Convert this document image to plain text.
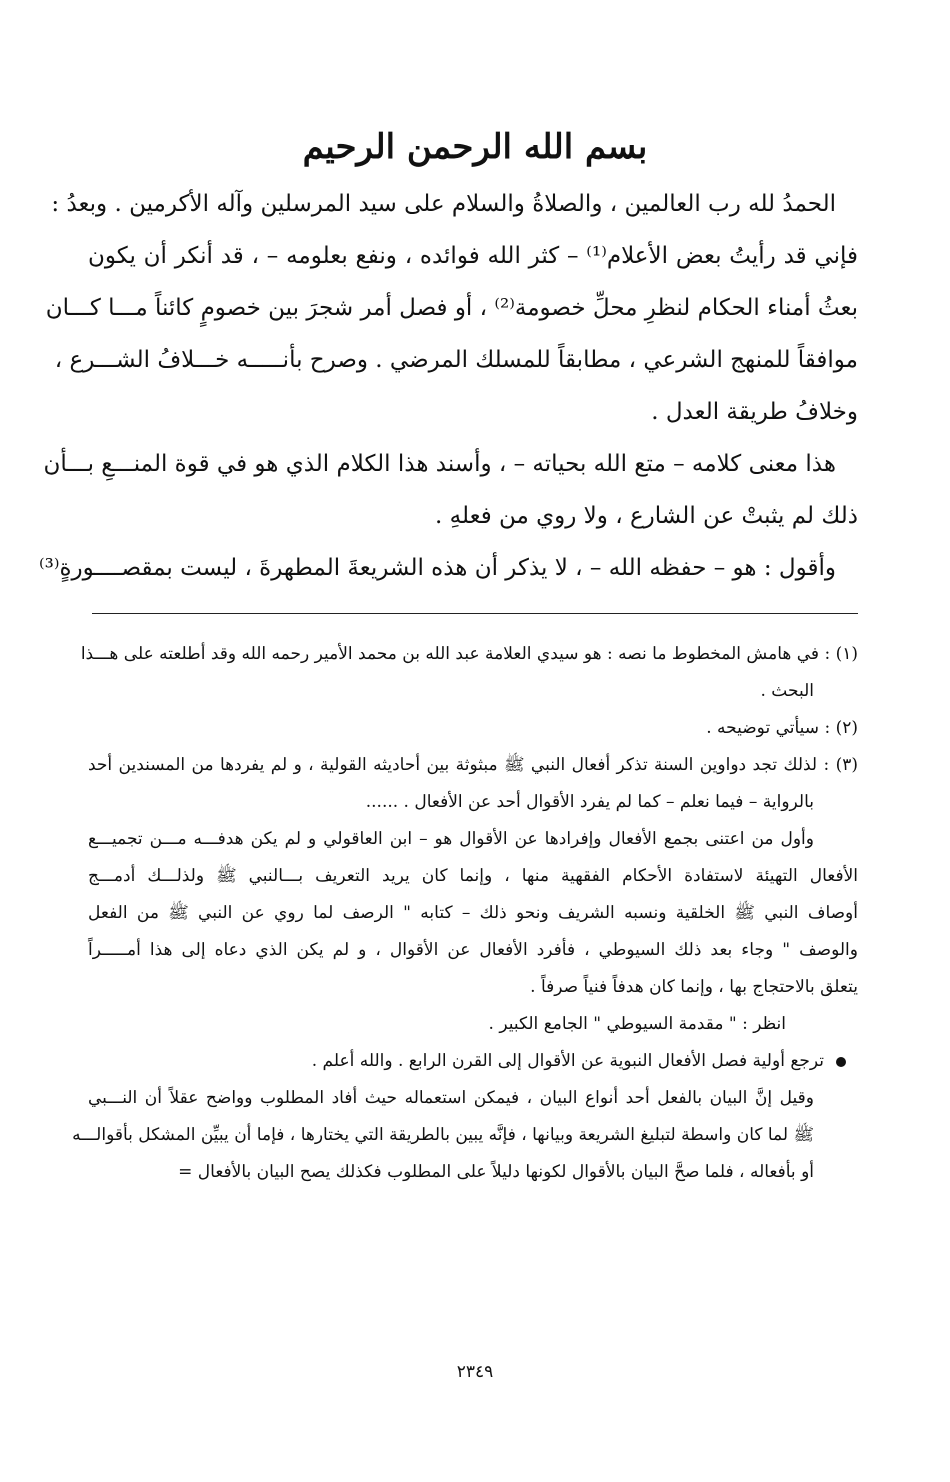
بسم الله الرحمن الرحيم
الحمدُ لله رب العالمين ، والصلاةُ والسلام على سيد المرسلين وآله الأكرمين . وبعدُ :
فإني قد رأيتُ بعض الأعلام⁽¹⁾ – كثر الله فوائده ، ونفع بعلومه – ، قد أنكر أن يكون
بعثُ أمناء الحكام لنظرِ محلِّ خصومة⁽²⁾ ، أو فصل أمر شجرَ بين خصومٍ كائناً مـــا كـــان
موافقاً للمنهج الشرعي ، مطابقاً للمسلك المرضي . وصرح بأنـــــه خـــلافُ الشـــرع ،
وخلافُ طريقة العدل .
هذا معنى كلامه – متع الله بحياته – ، وأسند هذا الكلام الذي هو في قوة المنـــعِ بـــأن
ذلك لم يثبتْ عن الشارع ، ولا روي من فعلهِ .
وأقول : هو – حفظه الله – ، لا يذكر أن هذه الشريعةَ المطهرةَ ، ليست بمقصــــورةٍ⁽³⁾
(١) : في هامش المخطوط ما نصه : هو سيدي العلامة عبد الله بن محمد الأمير رحمه الله وقد أطلعته على هـــذا
البحث .
(٢) : سيأتي توضيحه .
(٣) : لذلك تجد دواوين السنة تذكر أفعال النبي ﷺ مبثوثة بين أحاديثه القولية ، و لم يفردها من المسندين أحد
بالرواية – فيما نعلم – كما لم يفرد الأقوال أحد عن الأفعال . ......
وأول من اعتنى بجمع الأفعال وإفرادها عن الأقوال هو – ابن العاقولي و لم يكن هدفـــه مـــن تجميـــع
الأفعال التهيئة لاستفادة الأحكام الفقهية منها ، وإنما كان يريد التعريف بـــالنبي ﷺ ولذلـــك أدمـــج
أوصاف النبي ﷺ الخلقية ونسبه الشريف ونحو ذلك – كتابه " الرصف لما روي عن النبي ﷺ من الفعل
والوصف " وجاء بعد ذلك السيوطي ، فأفرد الأفعال عن الأقوال ، و لم يكن الذي دعاه إلى هذا أمـــــراً
يتعلق بالاحتجاج بها ، وإنما كان هدفاً فنياً صرفاً .
انظر : " مقدمة السيوطي " الجامع الكبير .
ترجع أولية فصل الأفعال النبوية عن الأقوال إلى القرن الرابع . والله أعلم .
وقيل إنَّ البيان بالفعل أحد أنواع البيان ، فيمكن استعماله حيث أفاد المطلوب وواضح عقلاً أن النـــبي
ﷺ لما كان واسطة لتبليغ الشريعة وبيانها ، فإنَّه يبين بالطريقة التي يختارها ، فإما أن يبيِّن المشكل بأقوالـــه
أو بأفعاله ، فلما صحَّ البيان بالأقوال لكونها دليلاً على المطلوب فكذلك يصح البيان بالأفعال =
٢٣٤٩
